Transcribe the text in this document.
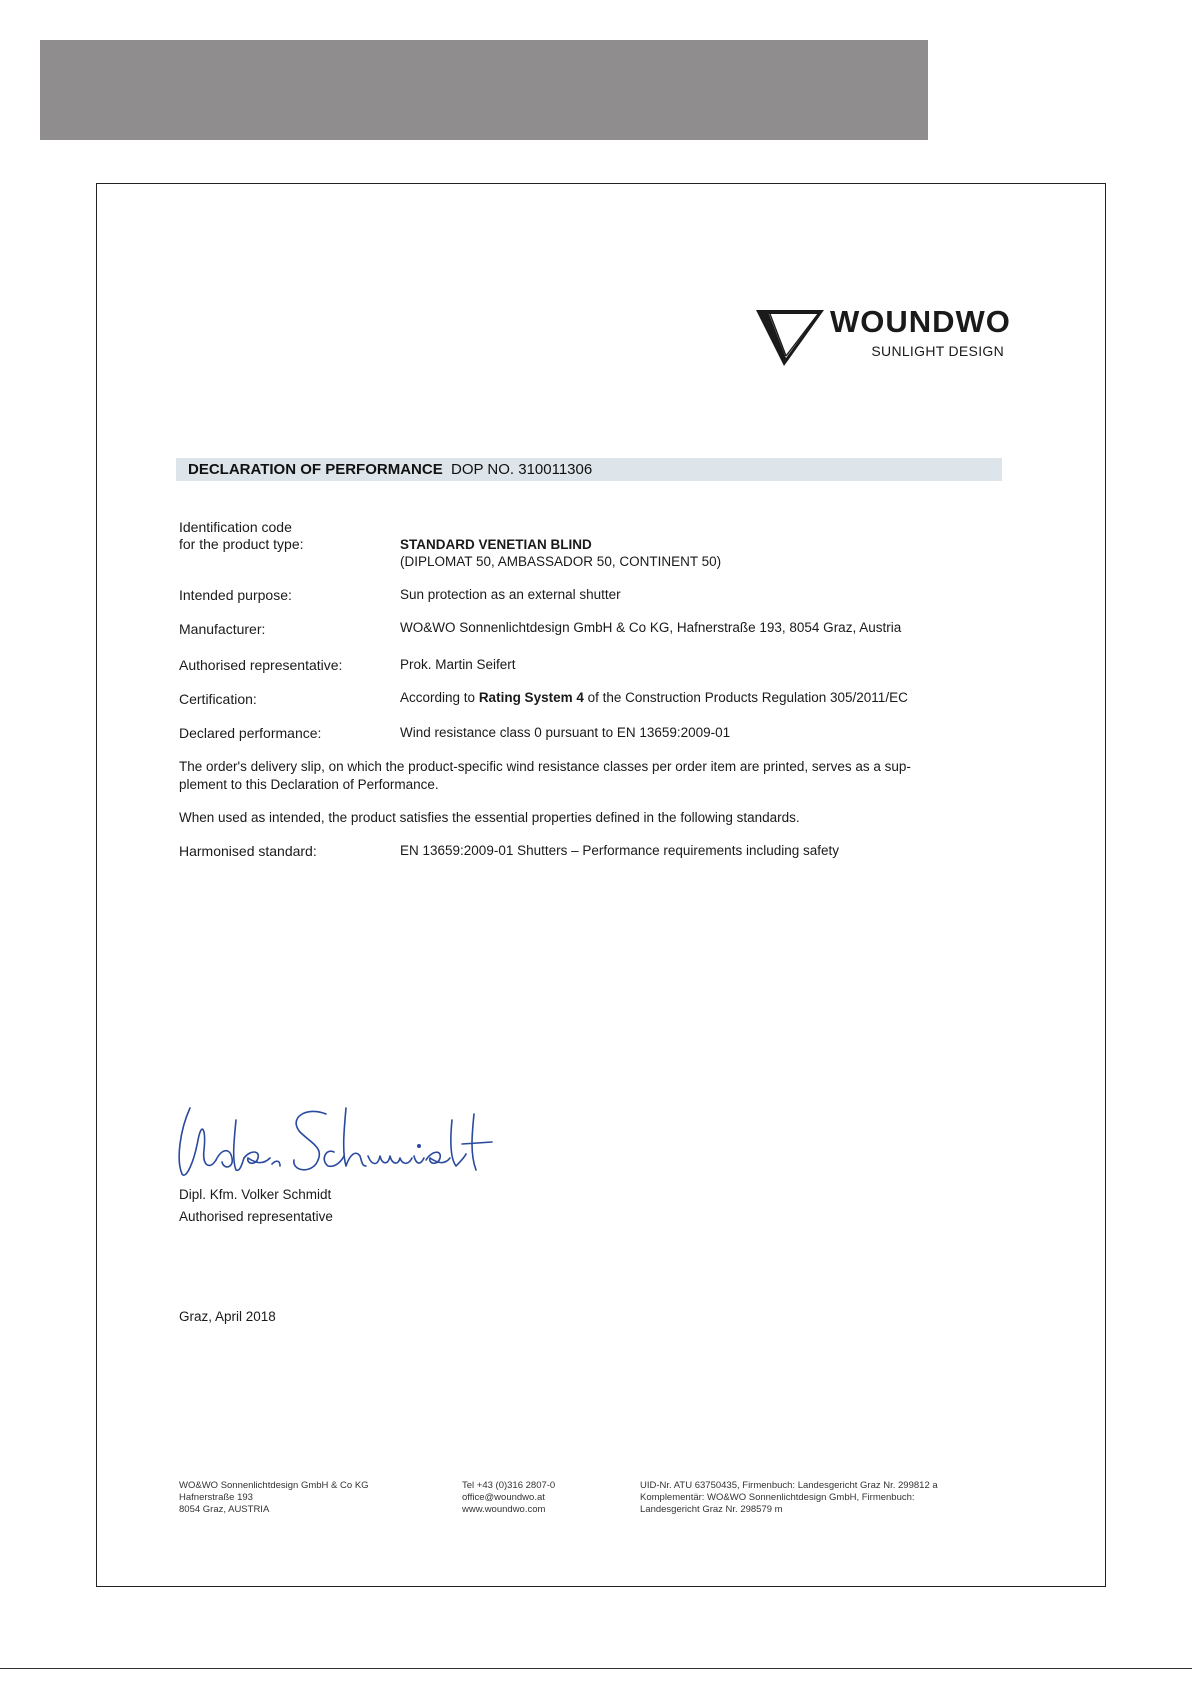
WOUNDWO
SUNLIGHT DESIGN
DECLARATION OF PERFORMANCE DOP NO. 310011306
Identification code
for the product type:	STANDARD VENETIAN BLIND
(DIPLOMAT 50, AMBASSADOR 50, CONTINENT 50)
Intended purpose:	Sun protection as an external shutter
Manufacturer:	WO&WO Sonnenlichtdesign GmbH & Co KG, Hafnerstraße 193, 8054 Graz, Austria
Authorised representative:	Prok. Martin Seifert
Certification:	According to Rating System 4 of the Construction Products Regulation 305/2011/EC
Declared performance:	Wind resistance class 0 pursuant to EN 13659:2009-01
The order's delivery slip, on which the product-specific wind resistance classes per order item are printed, serves as a sup-
plement to this Declaration of Performance.
When used as intended, the product satisfies the essential properties defined in the following standards.
Harmonised standard:	EN 13659:2009-01 Shutters – Performance requirements including safety
Dipl. Kfm. Volker Schmidt
Authorised representative
Graz, April 2018
WO&WO Sonnenlichtdesign GmbH & Co KG
Hafnerstraße 193
8054 Graz, AUSTRIA
Tel +43 (0)316 2807-0
office@woundwo.at
www.woundwo.com
UID-Nr. ATU 63750435, Firmenbuch: Landesgericht Graz Nr. 299812 a
Komplementär: WO&WO Sonnenlichtdesign GmbH, Firmenbuch:
Landesgericht Graz Nr. 298579 m
